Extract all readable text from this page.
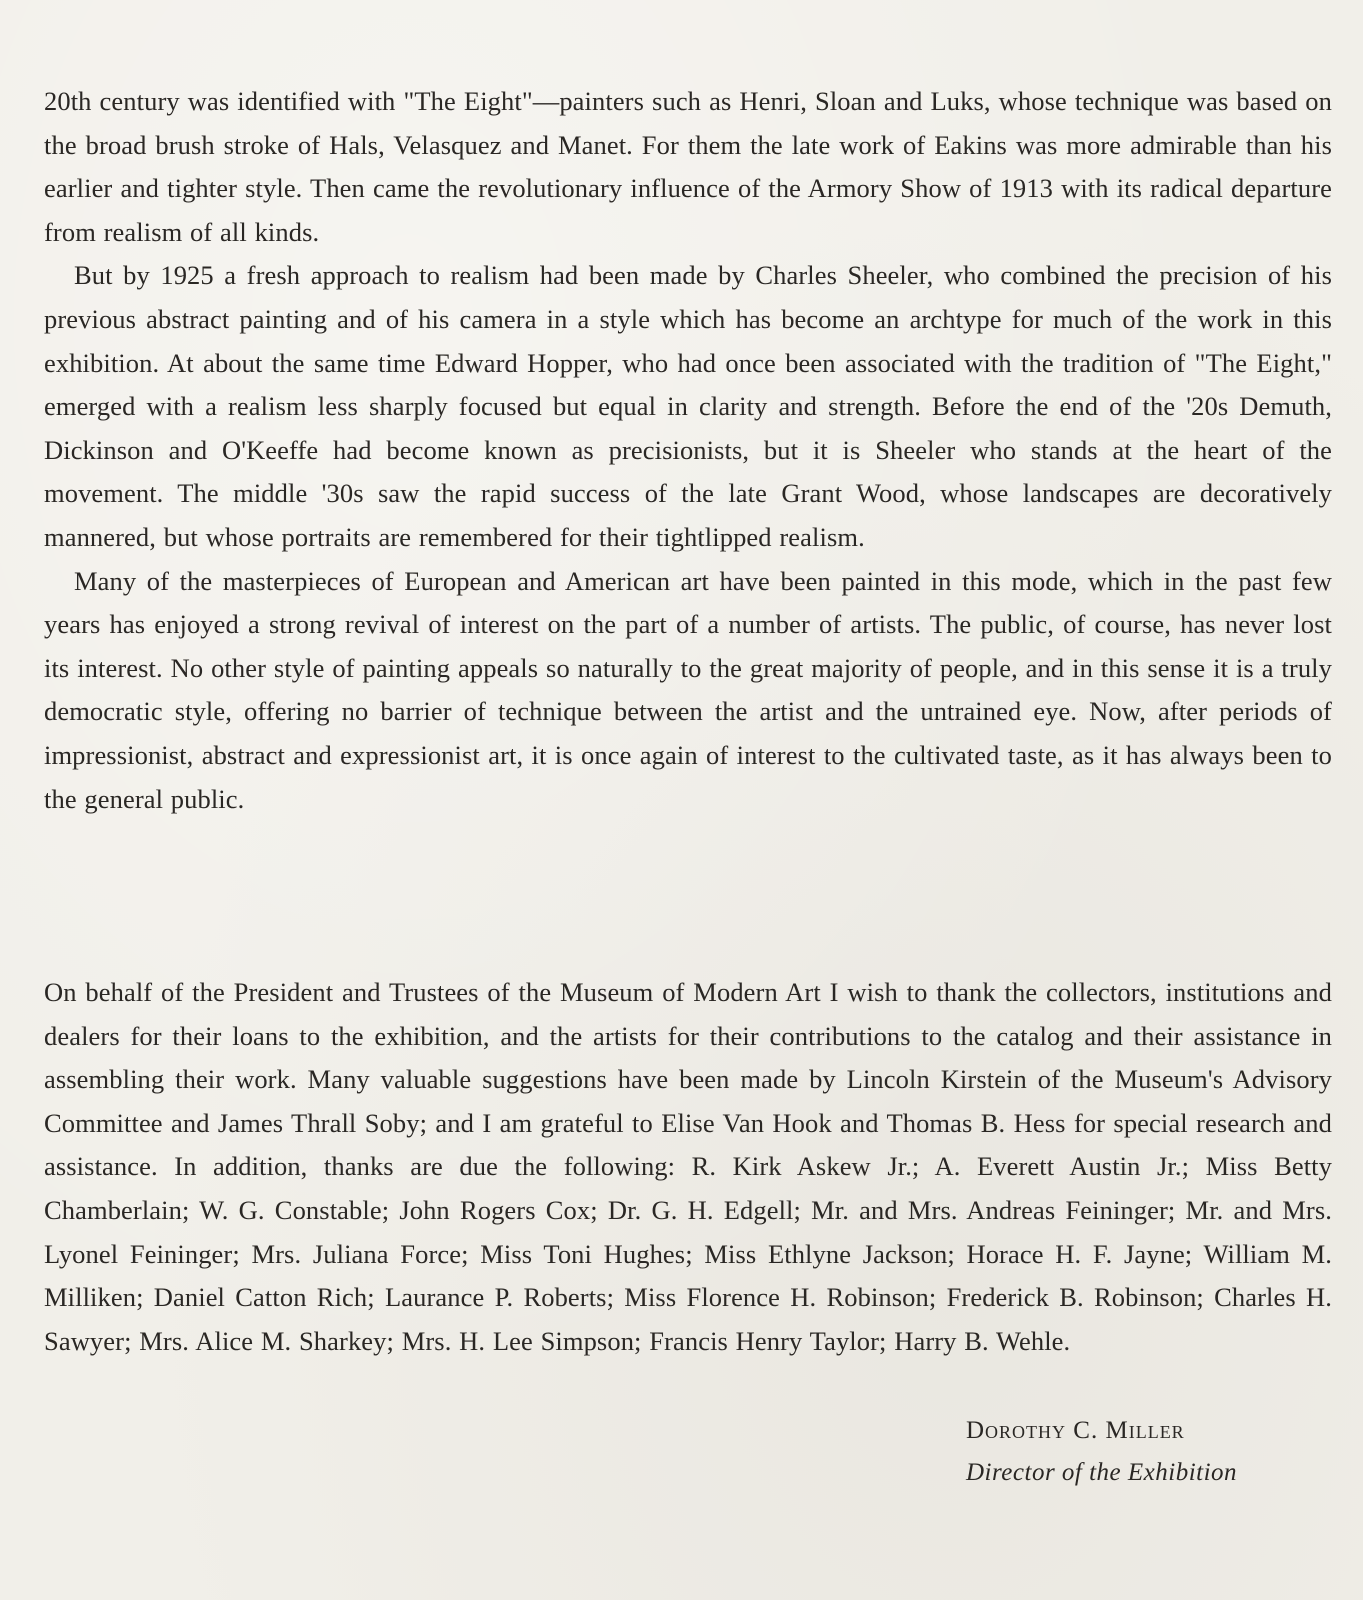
20th century was identified with "The Eight"—painters such as Henri, Sloan and Luks, whose technique was based on the broad brush stroke of Hals, Velasquez and Manet. For them the late work of Eakins was more admirable than his earlier and tighter style. Then came the revolutionary influence of the Armory Show of 1913 with its radical departure from realism of all kinds.

But by 1925 a fresh approach to realism had been made by Charles Sheeler, who combined the precision of his previous abstract painting and of his camera in a style which has become an archtype for much of the work in this exhibition. At about the same time Edward Hopper, who had once been associated with the tradition of "The Eight," emerged with a realism less sharply focused but equal in clarity and strength. Before the end of the '20s Demuth, Dickinson and O'Keeffe had become known as precisionists, but it is Sheeler who stands at the heart of the movement. The middle '30s saw the rapid success of the late Grant Wood, whose landscapes are decoratively mannered, but whose portraits are remembered for their tightlipped realism.

Many of the masterpieces of European and American art have been painted in this mode, which in the past few years has enjoyed a strong revival of interest on the part of a number of artists. The public, of course, has never lost its interest. No other style of painting appeals so naturally to the great majority of people, and in this sense it is a truly democratic style, offering no barrier of technique between the artist and the untrained eye. Now, after periods of impressionist, abstract and expressionist art, it is once again of interest to the cultivated taste, as it has always been to the general public.

On behalf of the President and Trustees of the Museum of Modern Art I wish to thank the collectors, institutions and dealers for their loans to the exhibition, and the artists for their contributions to the catalog and their assistance in assembling their work. Many valuable suggestions have been made by Lincoln Kirstein of the Museum's Advisory Committee and James Thrall Soby; and I am grateful to Elise Van Hook and Thomas B. Hess for special research and assistance. In addition, thanks are due the following: R. Kirk Askew Jr.; A. Everett Austin Jr.; Miss Betty Chamberlain; W. G. Constable; John Rogers Cox; Dr. G. H. Edgell; Mr. and Mrs. Andreas Feininger; Mr. and Mrs. Lyonel Feininger; Mrs. Juliana Force; Miss Toni Hughes; Miss Ethlyne Jackson; Horace H. F. Jayne; William M. Milliken; Daniel Catton Rich; Laurance P. Roberts; Miss Florence H. Robinson; Frederick B. Robinson; Charles H. Sawyer; Mrs. Alice M. Sharkey; Mrs. H. Lee Simpson; Francis Henry Taylor; Harry B. Wehle.

Dorothy C. Miller
Director of the Exhibition
